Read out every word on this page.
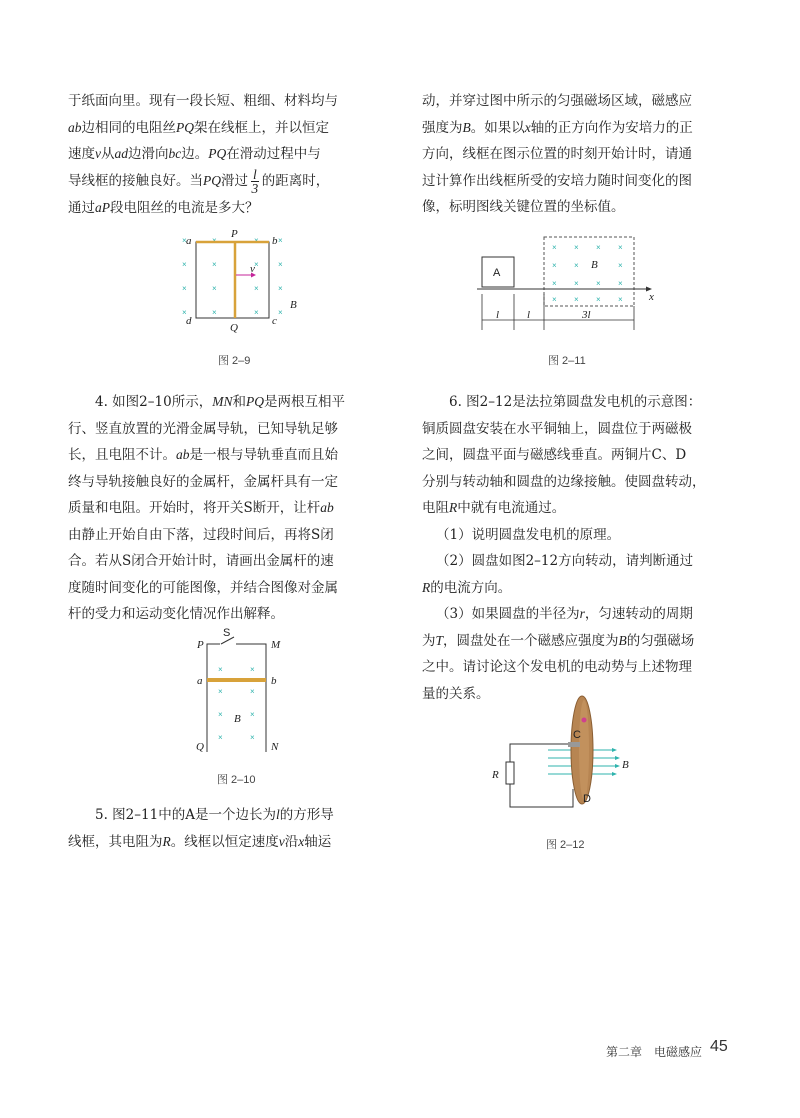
于纸面向里。现有一段长短、粗细、材料均与
ab边相同的电阻丝PQ架在线框上，并以恒定
速度v从ad边滑向bc边。PQ在滑动过程中与
导线框的接触良好。当PQ滑过 $\frac{l}{3}$ 的距离时，
通过aP段电阻丝的电流是多大？

×	×	× ×
×	×	× ×
×	×	× ×
×	×	× ×
a	b
c
d
P
Q
v
B
图 2–9

4. 如图2–10所示，MN和PQ是两根互相平
行、竖直放置的光滑金属导轨，已知导轨足够
长，且电阻不计。ab是一根与导轨垂直而且始
终与导轨接触良好的金属杆，金属杆具有一定
质量和电阻。开始时，将开关S断开，让杆ab
由静止开始自由下落，过段时间后，再将S闭
合。若从S闭合开始计时，请画出金属杆的速
度随时间变化的可能图像，并结合图像对金属
杆的受力和运动变化情况作出解释。

×	×
×	×
×	×
×	×
P
S
M
a	b
B
Q	N
图 2–10

5. 图2–11中的A是一个边长为l的方形导
线框，其电阻为R。线框以恒定速度v沿x轴运

动，并穿过图中所示的匀强磁场区域，磁感应
强度为B。如果以x轴的正方向作为安培力的正
方向，线框在图示位置的时刻开始计时，请通
过计算作出线框所受的安培力随时间变化的图
像，标明图线关键位置的坐标值。

A
× × × ×
× ×	×
× × × ×
× × × ×
B
x
l	l	3l
图 2–11

6. 图2–12是法拉第圆盘发电机的示意图：
铜质圆盘安装在水平铜轴上，圆盘位于两磁极
之间，圆盘平面与磁感线垂直。两铜片C、D
分别与转动轴和圆盘的边缘接触。使圆盘转动，
电阻R中就有电流通过。
（1）说明圆盘发电机的原理。
（2）圆盘如图2–12方向转动，请判断通过
R的电流方向。
（3）如果圆盘的半径为r，匀速转动的周期
为T，圆盘处在一个磁感应强度为B的匀强磁场
之中。请讨论这个发电机的电动势与上述物理
量的关系。

C
D
R
B
图 2–12
第二章　电磁感应 45
